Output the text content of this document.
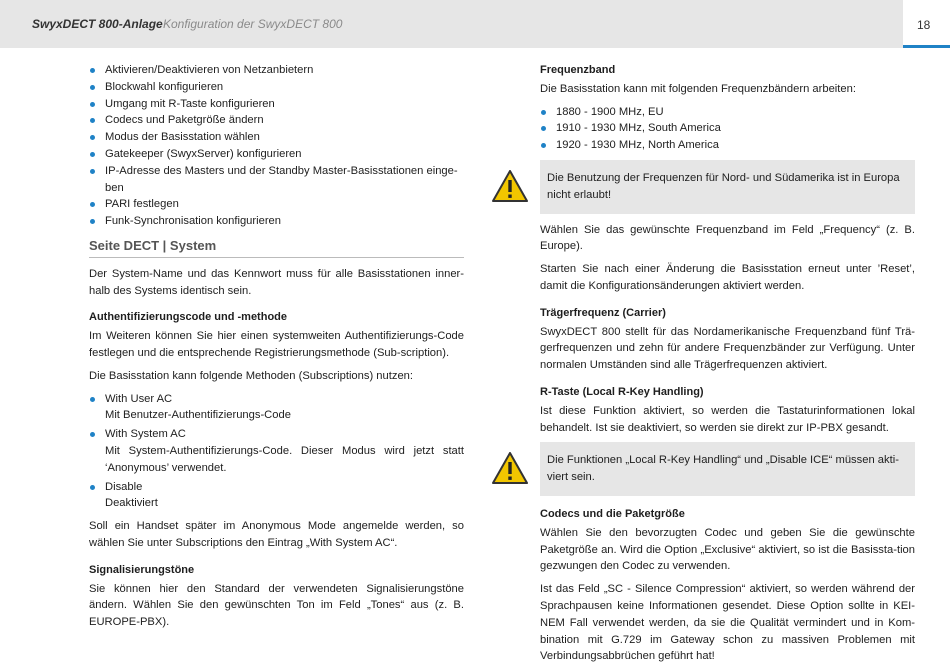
SwyxDECT 800-Anlage Konfiguration der SwyxDECT 800	18
Aktivieren/Deaktivieren von Netzanbietern
Blockwahl konfigurieren
Umgang mit R-Taste konfigurieren
Codecs und Paketgröße ändern
Modus der Basisstation wählen
Gatekeeper (SwyxServer) konfigurieren
IP-Adresse des Masters und der Standby Master-Basisstationen einge-ben
PARI festlegen
Funk-Synchronisation konfigurieren
Seite DECT | System

Der System-Name und das Kennwort muss für alle Basisstationen inner-halb des Systems identisch sein.

Authentifizierungscode und -methode

Im Weiteren können Sie hier einen systemweiten Authentifizierungs-Code festlegen und die entsprechende Registrierungsmethode (Sub-scription).

Die Basisstation kann folgende Methoden (Subscriptions) nutzen:

With User AC
Mit Benutzer-Authentifizierungs-Code
With System AC
Mit System-Authentifizierungs-Code. Dieser Modus wird jetzt statt ‘Anonymous’ verwendet.
Disable
Deaktiviert

Soll ein Handset später im Anonymous Mode angemelde werden, so wählen Sie unter Subscriptions den Eintrag „With System AC“.

Signalisierungstöne

Sie können hier den Standard der verwendeten Signalisierungstöne ändern. Wählen Sie den gewünschten Ton im Feld „Tones“ aus (z. B. EUROPE-PBX).

Frequenzband

Die Basisstation kann mit folgenden Frequenzbändern arbeiten:

1880 - 1900 MHz, EU
1910 - 1930 MHz, South America
1920 - 1930 MHz, North America
Die Benutzung der Frequenzen für Nord- und Südamerika ist in Europa nicht erlaubt!

Wählen Sie das gewünschte Frequenzband im Feld „Frequency“ (z. B. Europe).

Starten Sie nach einer Änderung die Basisstation erneut unter ’Reset’, damit die Konfigurationsänderungen aktiviert werden.

Trägerfrequenz (Carrier)

SwyxDECT 800 stellt für das Nordamerikanische Frequenzband fünf Trä-gerfrequenzen und zehn für andere Frequenzbänder zur Verfügung. Unter normalen Umständen sind alle Trägerfrequenzen aktiviert.

R-Taste (Local R-Key Handling)

Ist diese Funktion aktiviert, so werden die Tastaturinformationen lokal behandelt. Ist sie deaktiviert, so werden sie direkt zur IP-PBX gesandt.

Die Funktionen „Local R-Key Handling“ und „Disable ICE“ müssen akti-viert sein.
Codecs und die Paketgröße

Wählen Sie den bevorzugten Codec und geben Sie die gewünschte Paketgröße an. Wird die Option „Exclusive“ aktiviert, so ist die Basissta-tion gezwungen den Codec zu verwenden.

Ist das Feld „SC - Silence Compression“ aktiviert, so werden während der Sprachpausen keine Informationen gesendet. Diese Option sollte in KEI-NEM Fall verwendet werden, da sie die Qualität vermindert und in Kom-bination mit G.729 im Gateway schon zu massiven Problemen mit Verbindungsabbrüchen geführt hat!
